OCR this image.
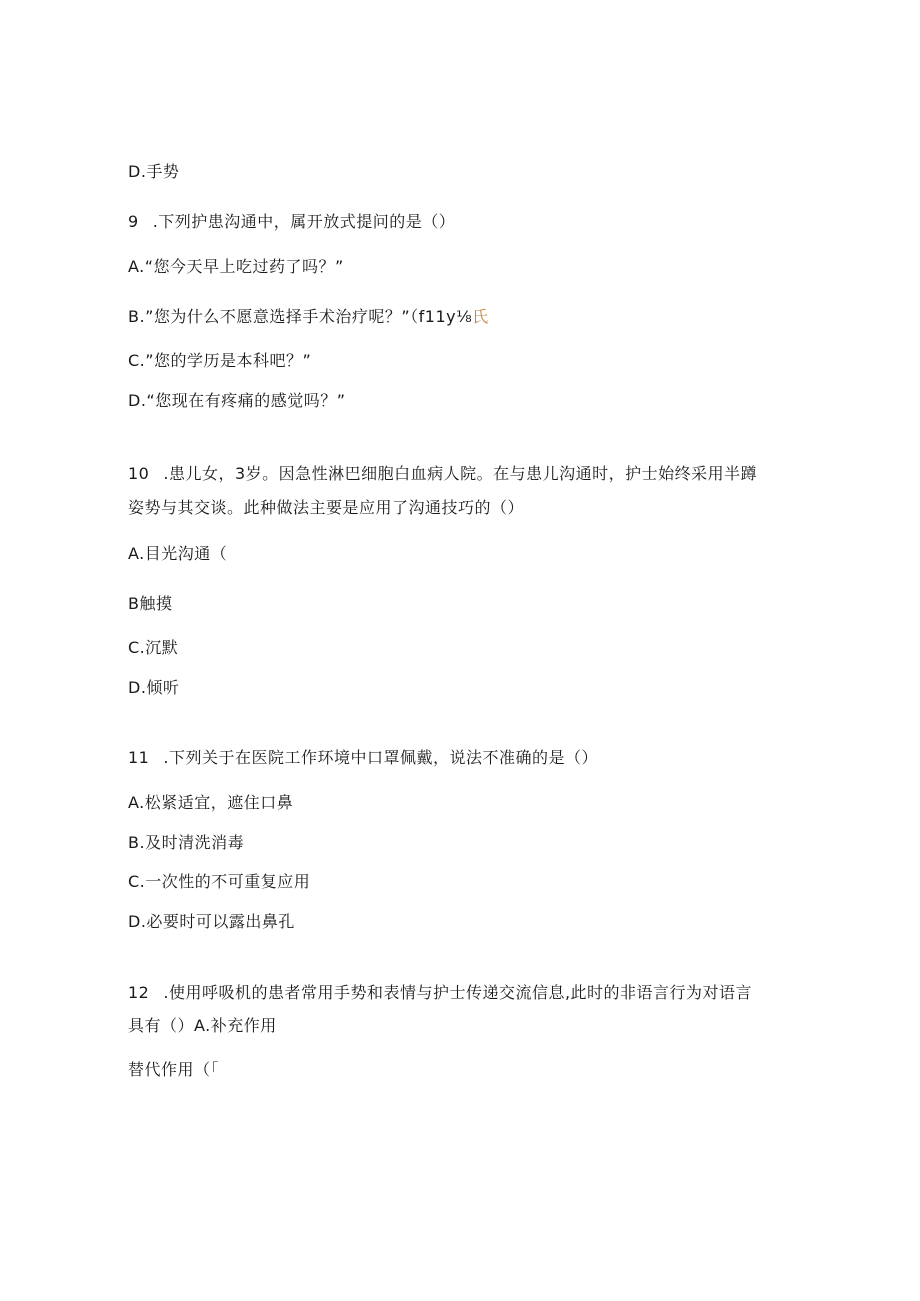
D.手势
9 .下列护患沟通中，属开放式提问的是（）
A.“您今天早上吃过药了吗？”
B.”您为什么不愿意选择手术治疗呢？”（f11y⅛氏
C.”您的学历是本科吧？”
D.“您现在有疼痛的感觉吗？”
10 .患儿女，3岁。因急性淋巴细胞白血病人院。在与患儿沟通时，护士始终采用半蹲
姿势与其交谈。此种做法主要是应用了沟通技巧的（）
A.目光沟通（
B触摸
C.沉默
D.倾听
11 .下列关于在医院工作环境中口罩佩戴，说法不准确的是（）
A.松紧适宜，遮住口鼻
B.及时清洗消毒
C.一次性的不可重复应用
D.必要时可以露出鼻孔
12 .使用呼吸机的患者常用手势和表情与护士传递交流信息,此时的非语言行为对语言
具有（）A.补充作用
替代作用（「
